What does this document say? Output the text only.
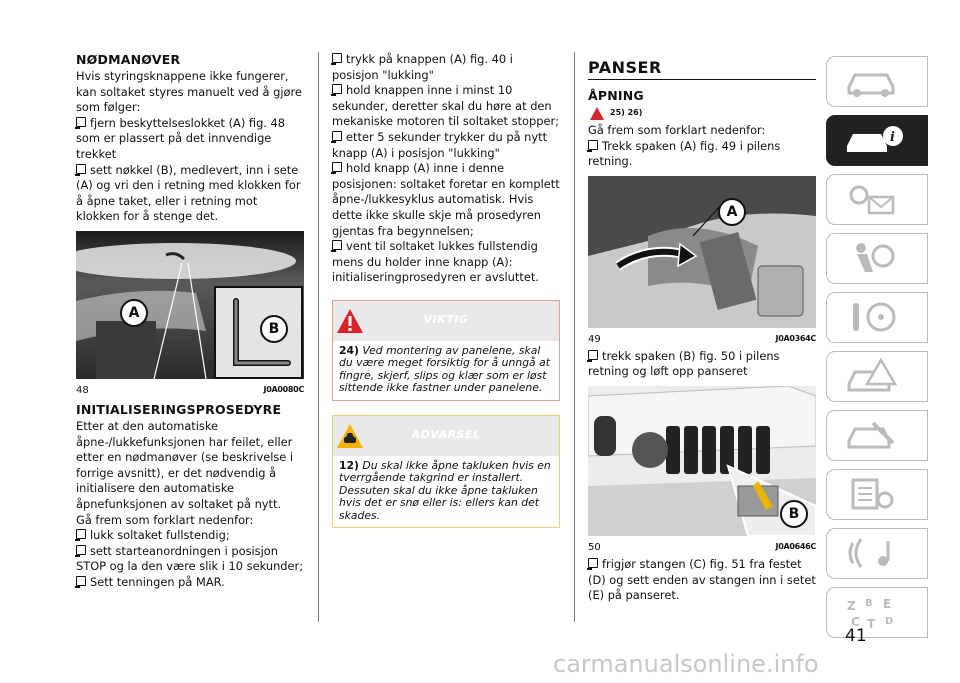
NØDMANØVER

Hvis styringsknappene ikke fungerer, kan soltaket styres manuelt ved å gjøre som følger:

fjern beskyttelseslokket (A) fig. 48 som er plassert på det innvendige trekket

sett nøkkel (B), medlevert, inn i sete (A) og vri den i retning med klokken for å åpne taket, eller i retning mot klokken for å stenge det.

A
B
48	J0A0080C
INITIALISERINGSPROSEDYRE

Etter at den automatiske åpne-/lukkefunksjonen har feilet, eller etter en nødmanøver (se beskrivelse i forrige avsnitt), er det nødvendig å initialisere den automatiske åpnefunksjonen av soltaket på nytt.

Gå frem som forklart nedenfor:

lukk soltaket fullstendig;

sett starteanordningen i posisjon STOP og la den være slik i 10 sekunder;

Sett tenningen på MAR.

trykk på knappen (A) fig. 40 i posisjon "lukking"

hold knappen inne i minst 10 sekunder, deretter skal du høre at den mekaniske motoren til soltaket stopper;

etter 5 sekunder trykker du på nytt knapp (A) i posisjon "lukking"

hold knapp (A) inne i denne posisjonen: soltaket foretar en komplett åpne-/lukkesyklus automatisk. Hvis dette ikke skulle skje må prosedyren gjentas fra begynnelsen;

vent til soltaket lukkes fullstendig mens du holder inne knapp (A): initialiseringprosedyren er avsluttet.

VIKTIG
24) Ved montering av panelene, skal du være meget forsiktig for å unngå at fingre, skjerf, slips og klær som er løst sittende ikke fastner under panelene.
ADVARSEL
12) Du skal ikke åpne takluken hvis en tverrgående takgrind er installert. Dessuten skal du ikke åpne takluken hvis det er snø eller is: ellers kan det skades.
PANSER
ÅPNING
25) 26)

Gå frem som forklart nedenfor:

Trekk spaken (A) fig. 49 i pilens retning.

A
49	J0A0364C

trekk spaken (B) fig. 50 i pilens retning og løft opp panseret

B
50	J0A0646C

frigjør stangen (C) fig. 51 fra festet (D) og sett enden av stangen inn i setet (E) på panseret.

i
Z B E
C T D
41
carmanualsonline.info
